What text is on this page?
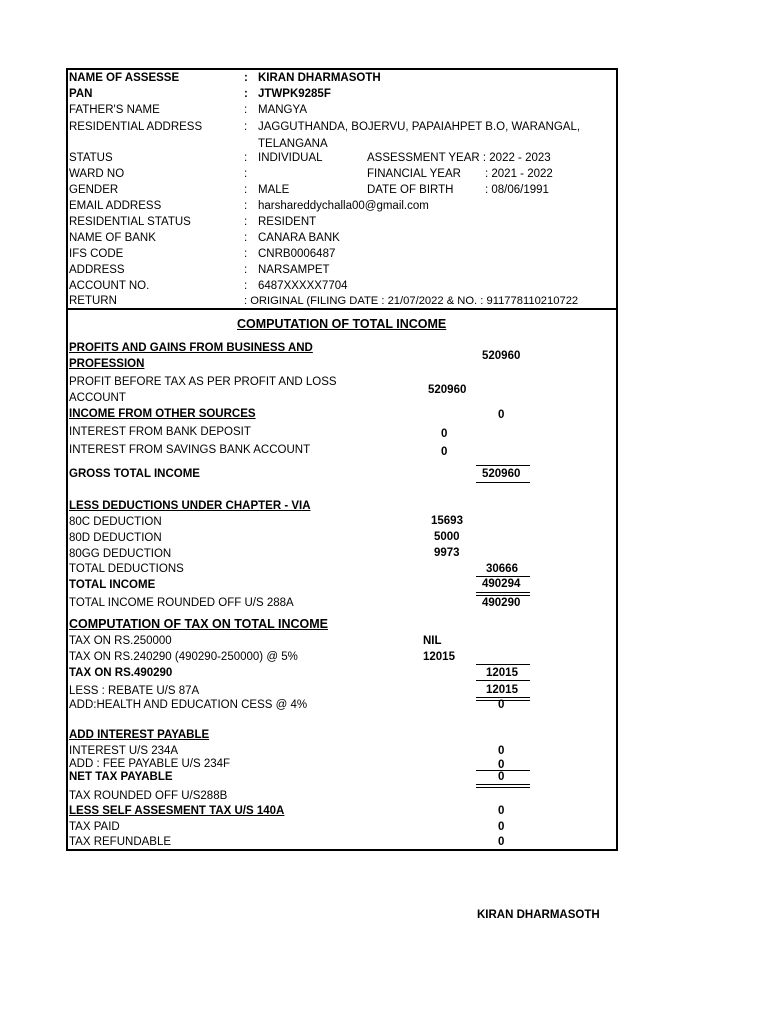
NAME OF ASSESSE	: KIRAN DHARMASOTH
PAN	: JTWPK9285F
FATHER'S NAME	: MANGYA
RESIDENTIAL ADDRESS	: JAGGUTHANDA, BOJERVU, PAPAIAHPET B.O, WARANGAL,
TELANGANA
STATUS	: INDIVIDUAL	ASSESSMENT YEAR : 2022 - 2023
WARD NO	:	FINANCIAL YEAR : 2021 - 2022
GENDER	: MALE	DATE OF BIRTH	: 08/06/1991
EMAIL ADDRESS	: harshareddychalla00@gmail.com
RESIDENTIAL STATUS	: RESIDENT
NAME OF BANK	: CANARA BANK
IFS CODE	: CNRB0006487
ADDRESS	: NARSAMPET
ACCOUNT NO.	: 6487XXXXX7704
RETURN	: ORIGINAL (FILING DATE : 21/07/2022 & NO. : 911778110210722
COMPUTATION OF TOTAL INCOME
PROFITS AND GAINS FROM BUSINESS AND
PROFESSION
520960
PROFIT BEFORE TAX AS PER PROFIT AND LOSS
ACCOUNT
520960
INCOME FROM OTHER SOURCES	0
INTEREST FROM BANK DEPOSIT	0
INTEREST FROM SAVINGS BANK ACCOUNT	0
GROSS TOTAL INCOME	520960
LESS DEDUCTIONS UNDER CHAPTER - VIA
80C DEDUCTION	15693
80D DEDUCTION	5000
80GG DEDUCTION	9973
TOTAL DEDUCTIONS	30666
TOTAL INCOME	490294
TOTAL INCOME ROUNDED OFF U/S 288A	490290
COMPUTATION OF TAX ON TOTAL INCOME
TAX ON RS.250000	NIL
TAX ON RS.240290 (490290-250000) @ 5%	12015
TAX ON RS.490290	12015
LESS : REBATE U/S 87A	12015
ADD:HEALTH AND EDUCATION CESS @ 4%	0
ADD INTEREST PAYABLE
INTEREST U/S 234A	0
ADD : FEE PAYABLE U/S 234F	0
NET TAX PAYABLE	0
TAX ROUNDED OFF U/S288B
LESS SELF ASSESMENT TAX U/S 140A	0
TAX PAID	0
TAX REFUNDABLE	0
KIRAN DHARMASOTH
